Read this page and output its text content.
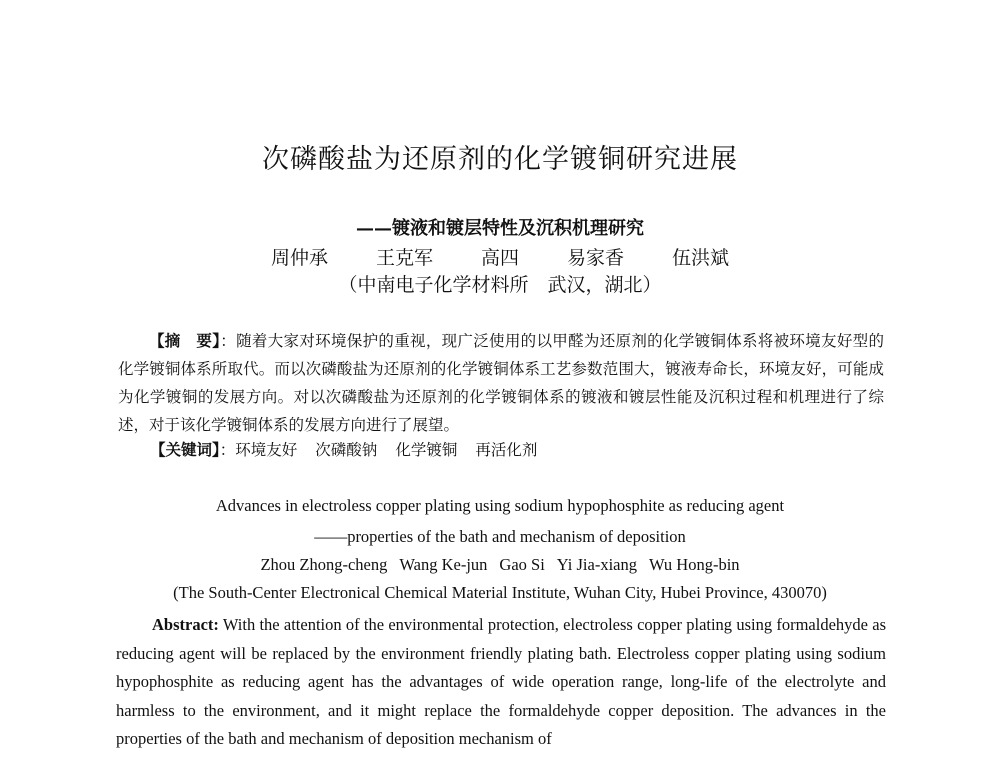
次磷酸盐为还原剂的化学镀铜研究进展
——镀液和镀层特性及沉积机理研究
周仲承	王克军	高四	易家香	伍洪斌
（中南电子化学材料所　武汉，湖北）
【摘　要】：随着大家对环境保护的重视，现广泛使用的以甲醛为还原剂的化学镀铜体系将被环境友好型的化学镀铜体系所取代。而以次磷酸盐为还原剂的化学镀铜体系工艺参数范围大，镀液寿命长，环境友好，可能成为化学镀铜的发展方向。对以次磷酸盐为还原剂的化学镀铜体系的镀液和镀层性能及沉积过程和机理进行了综述，对于该化学镀铜体系的发展方向进行了展望。
【关键词】：环境友好 次磷酸钠 化学镀铜 再活化剂
Advances in electroless copper plating using sodium hypophosphite as reducing agent
——properties of the bath and mechanism of deposition
Zhou Zhong-cheng Wang Ke-jun Gao Si Yi Jia-xiang Wu Hong-bin
(The South-Center Electronical Chemical Material Institute, Wuhan City, Hubei Province, 430070)
Abstract: With the attention of the environmental protection, electroless copper plating using formaldehyde as reducing agent will be replaced by the environment friendly plating bath. Electroless copper plating using sodium hypophosphite as reducing agent has the advantages of wide operation range, long-life of the electrolyte and harmless to the environment, and it might replace the formaldehyde copper deposition. The advances in the properties of the bath and mechanism of deposition mechanism of
